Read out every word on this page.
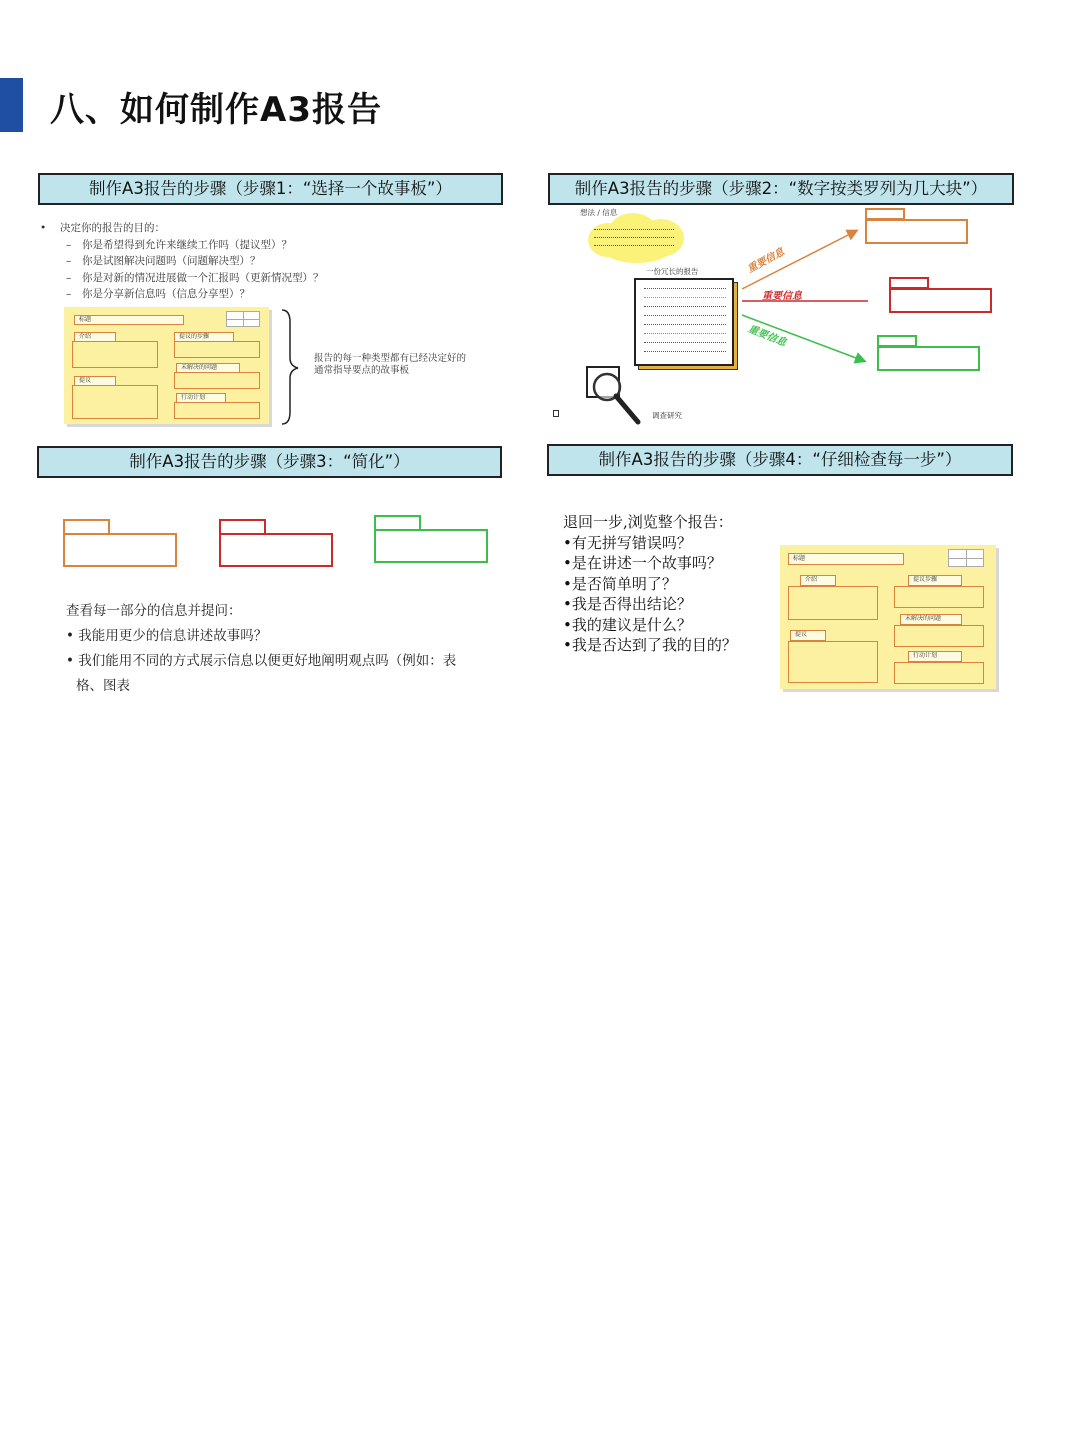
八、如何制作A3报告
制作A3报告的步骤（步骤1：“选择一个故事板”）	制作A3报告的步骤（步骤2：“数字按类罗列为几大块”）
制作A3报告的步骤（步骤3：“简化”）	制作A3报告的步骤（步骤4：“仔细检查每一步”）
• 决定你的报告的目的：
– 你是希望得到允许来继续工作吗（提议型）？
– 你是试图解决问题吗（问题解决型）？
– 你是对新的情况进展做一个汇报吗（更新情况型）？
– 你是分享新信息吗（信息分享型）？
标题
介绍
提议
提议的步骤
未解决的问题
行动计划
报告的每一种类型都有已经决定好的
通常指导要点的故事板
想法 / 信息
一份冗长的报告
调查研究
重要信息
重要信息
重要信息

查看每一部分的信息并提问：

• 我能用更少的信息讲述故事吗？

• 我们能用不同的方式展示信息以便更好地阐明观点吗（例如：表

格、图表

退回一步,浏览整个报告：

•有无拼写错误吗？

•是在讲述一个故事吗？

•是否简单明了？

•我是否得出结论？

•我的建议是什么？

•我是否达到了我的目的？

标题
介绍
提议
提议步骤
未解决的问题
行动计划
